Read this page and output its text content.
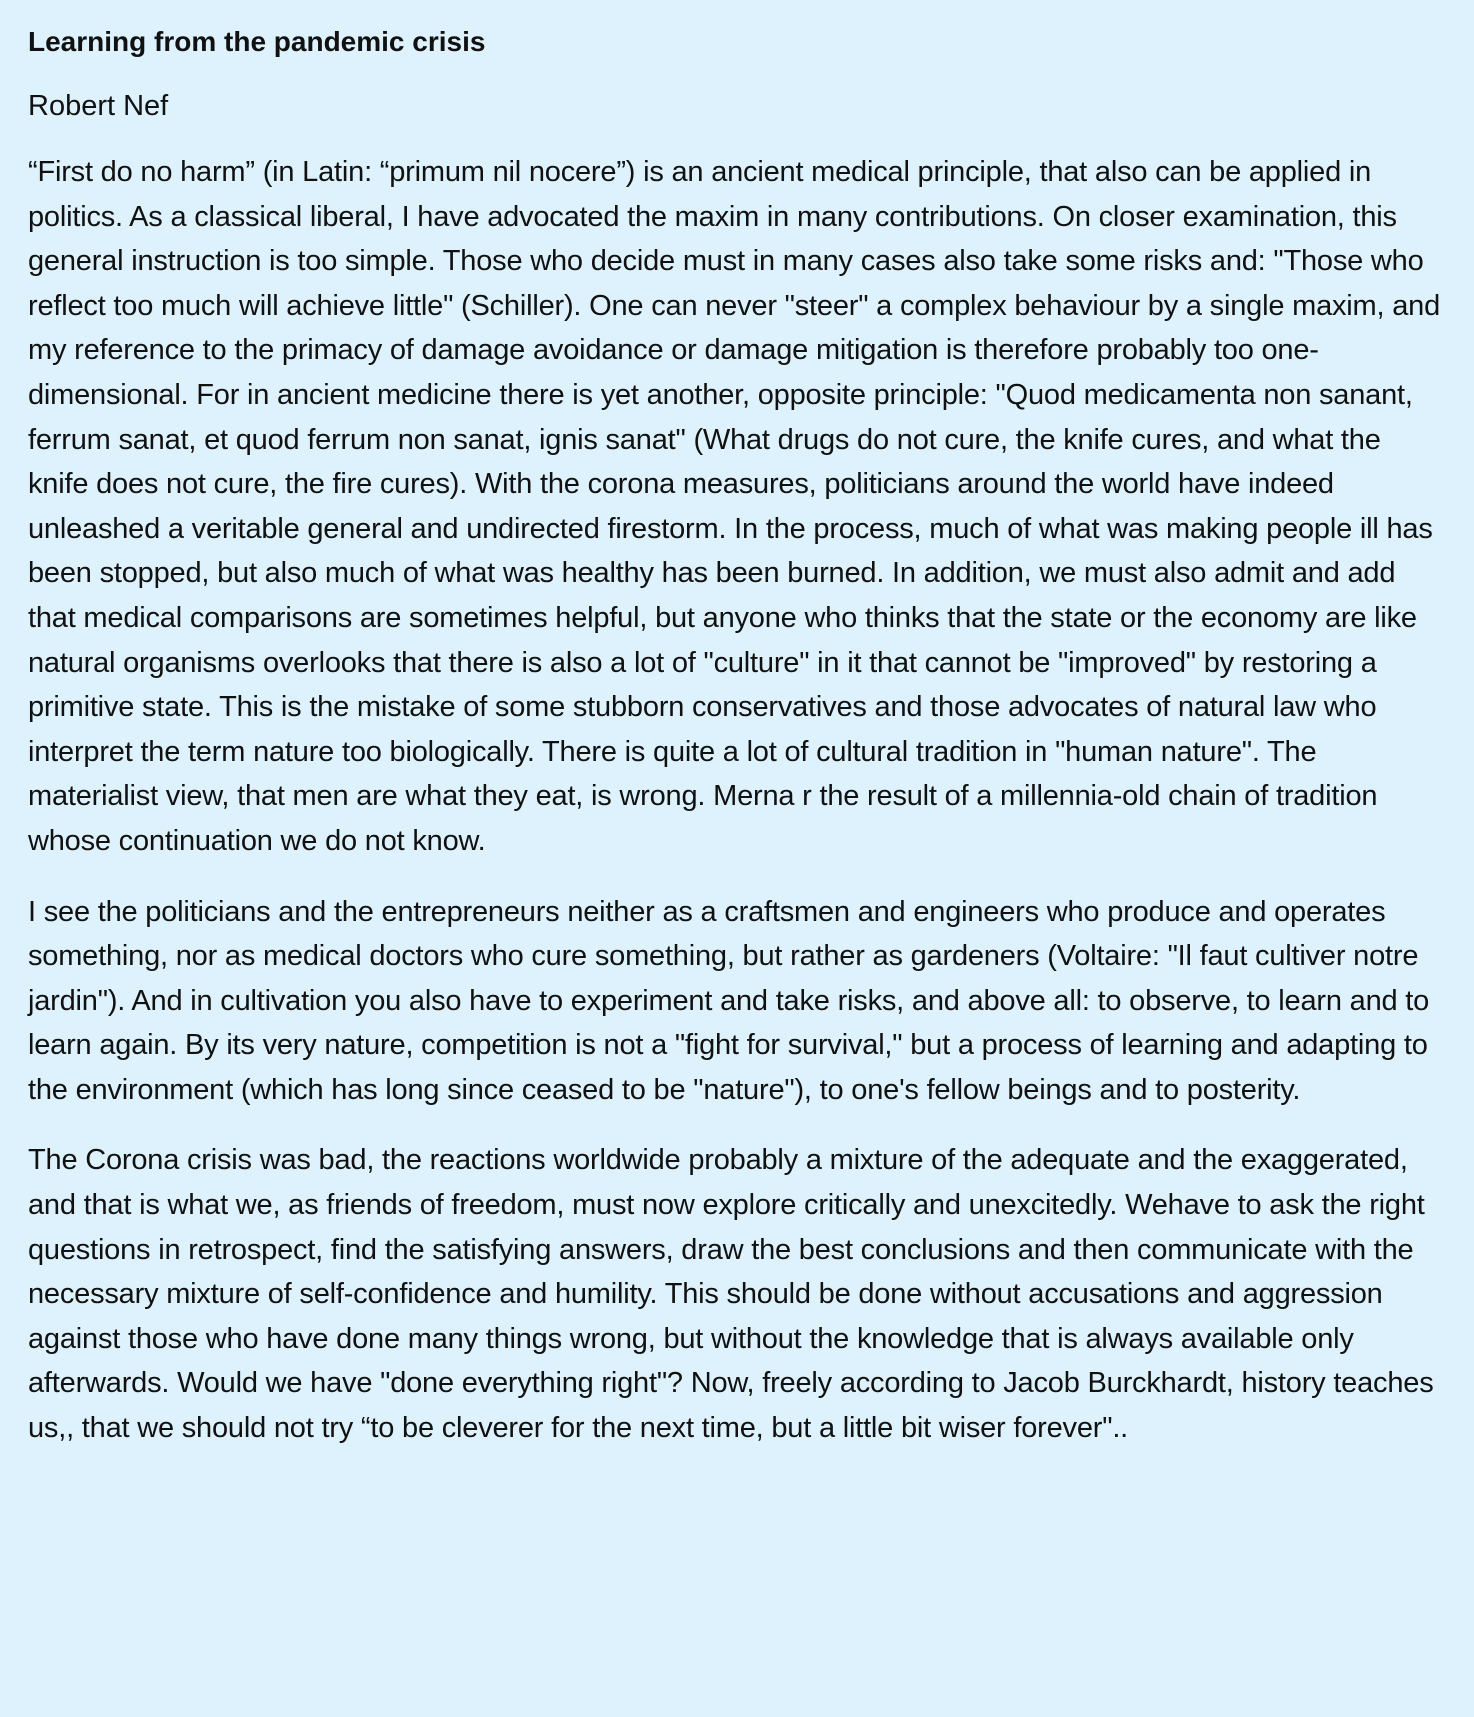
Learning from the pandemic crisis

Robert Nef

“First do no harm” (in Latin: “primum nil nocere”) is an ancient medical principle, that also can be applied in politics. As a classical liberal, I have advocated the maxim in many contributions. On closer examination, this general instruction is too simple. Those who decide must in many cases also take some risks and: "Those who reflect too much will achieve little" (Schiller). One can never "steer" a complex behaviour by a single maxim, and my reference to the primacy of damage avoidance or damage mitigation is therefore probably too one-dimensional. For in ancient medicine there is yet another, opposite principle: "Quod medicamenta non sanant, ferrum sanat, et quod ferrum non sanat, ignis sanat" (What drugs do not cure, the knife cures, and what the knife does not cure, the fire cures). With the corona measures, politicians around the world have indeed unleashed a veritable general and undirected firestorm. In the process, much of what was making people ill has been stopped, but also much of what was healthy has been burned. In addition, we must also admit and add that medical comparisons are sometimes helpful, but anyone who thinks that the state or the economy are like natural organisms overlooks that there is also a lot of "culture" in it that cannot be "improved" by restoring a primitive state. This is the mistake of some stubborn conservatives and those advocates of natural law who interpret the term nature too biologically. There is quite a lot of cultural tradition in "human nature". The materialist view, that men are what they eat, is wrong. Merna r the result of a millennia-old chain of tradition whose continuation we do not know.

I see the politicians and the entrepreneurs neither as a craftsmen and engineers who produce and operates something, nor as medical doctors who cure something, but rather as gardeners (Voltaire: "Il faut cultiver notre jardin"). And in cultivation you also have to experiment and take risks, and above all: to observe, to learn and to learn again. By its very nature, competition is not a "fight for survival," but a process of learning and adapting to the environment (which has long since ceased to be "nature"), to one's fellow beings and to posterity.

The Corona crisis was bad, the reactions worldwide probably a mixture of the adequate and the exaggerated, and that is what we, as friends of freedom, must now explore critically and unexcitedly. Wehave to ask the right questions in retrospect, find the satisfying answers, draw the best conclusions and then communicate with the necessary mixture of self-confidence and humility. This should be done without accusations and aggression against those who have done many things wrong, but without the knowledge that is always available only afterwards. Would we have "done everything right"? Now, freely according to Jacob Burckhardt, history teaches us,, that we should not try “to be cleverer for the next time, but a little bit wiser forever"..
